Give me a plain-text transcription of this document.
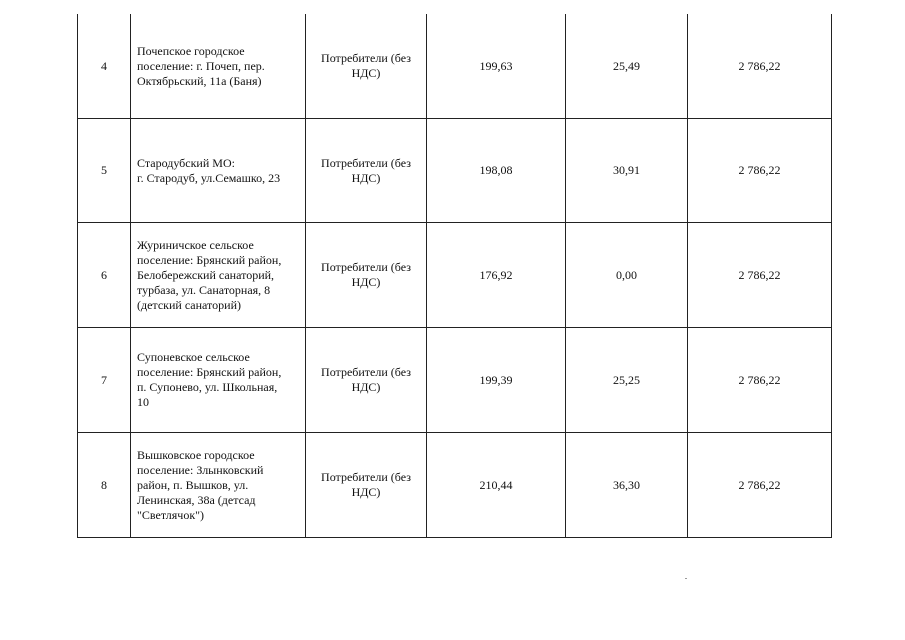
4	Почепское городское
поселение: г. Почеп, пер.
Октябрьский, 11а (Баня)	Потребители (без
НДС)	199,63	25,49	2 786,22

5	Стародубский МО:
г. Стародуб, ул.Семашко, 23	Потребители (без
НДС)	198,08	30,91	2 786,22

6	Журиничское сельское
поселение: Брянский район,
Белобережский санаторий,
турбаза, ул. Санаторная, 8
(детский санаторий)	Потребители (без
НДС)	176,92	0,00	2 786,22

7	Супоневское сельское
поселение: Брянский район,
п. Супонево, ул. Школьная,
10	Потребители (без
НДС)	199,39	25,25	2 786,22

8	Вышковское городское
поселение: Злынковский
район, п. Вышков, ул.
Ленинская, 38а (детсад
"Светлячок")	Потребители (без
НДС)	210,44	36,30	2 786,22
